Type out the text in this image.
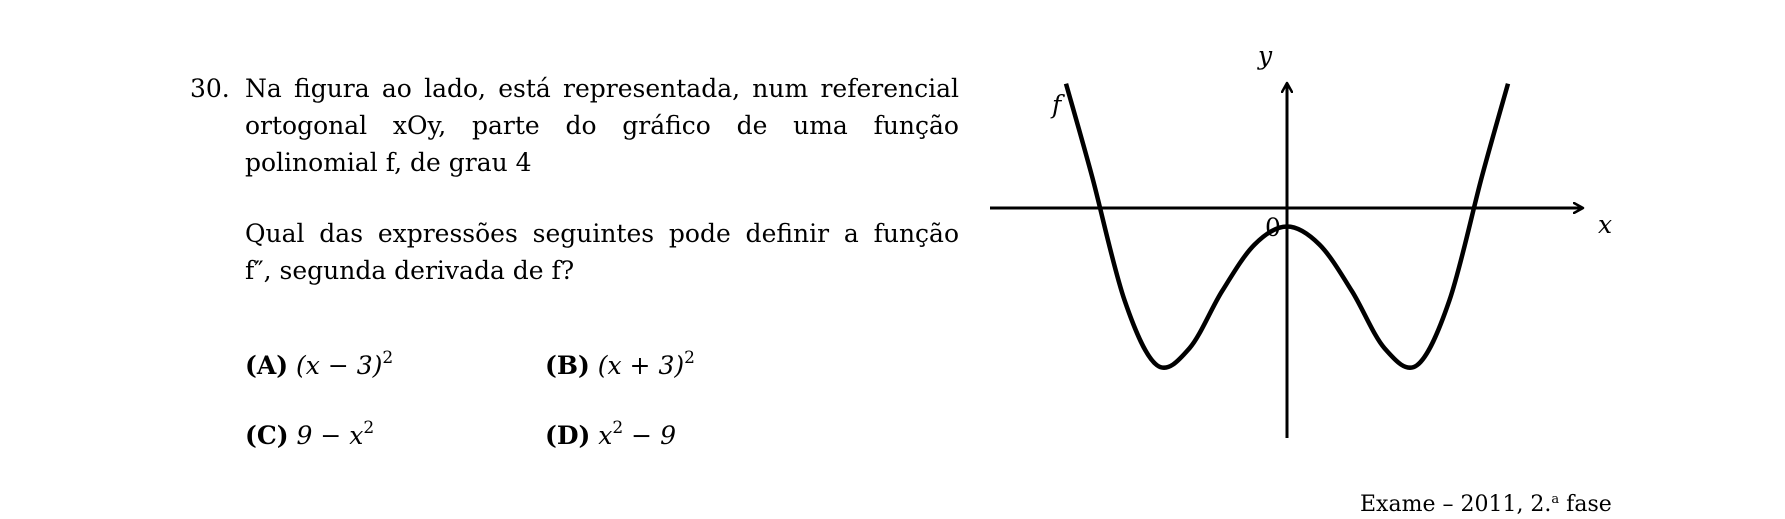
30. Na figura ao lado, está representada, num referencial
ortogonal xOy, parte do gráfico de uma função
polinomial f, de grau 4
Qual das expressões seguintes pode definir a função
f″, segunda derivada de f?
(A) $(x - 3)^2$	(B) $(x + 3)^2$
(C) $9 - x^2$	(D) $x^2 - 9$
y
x
0
f
Exame – 2011, 2.$^a$ fase
